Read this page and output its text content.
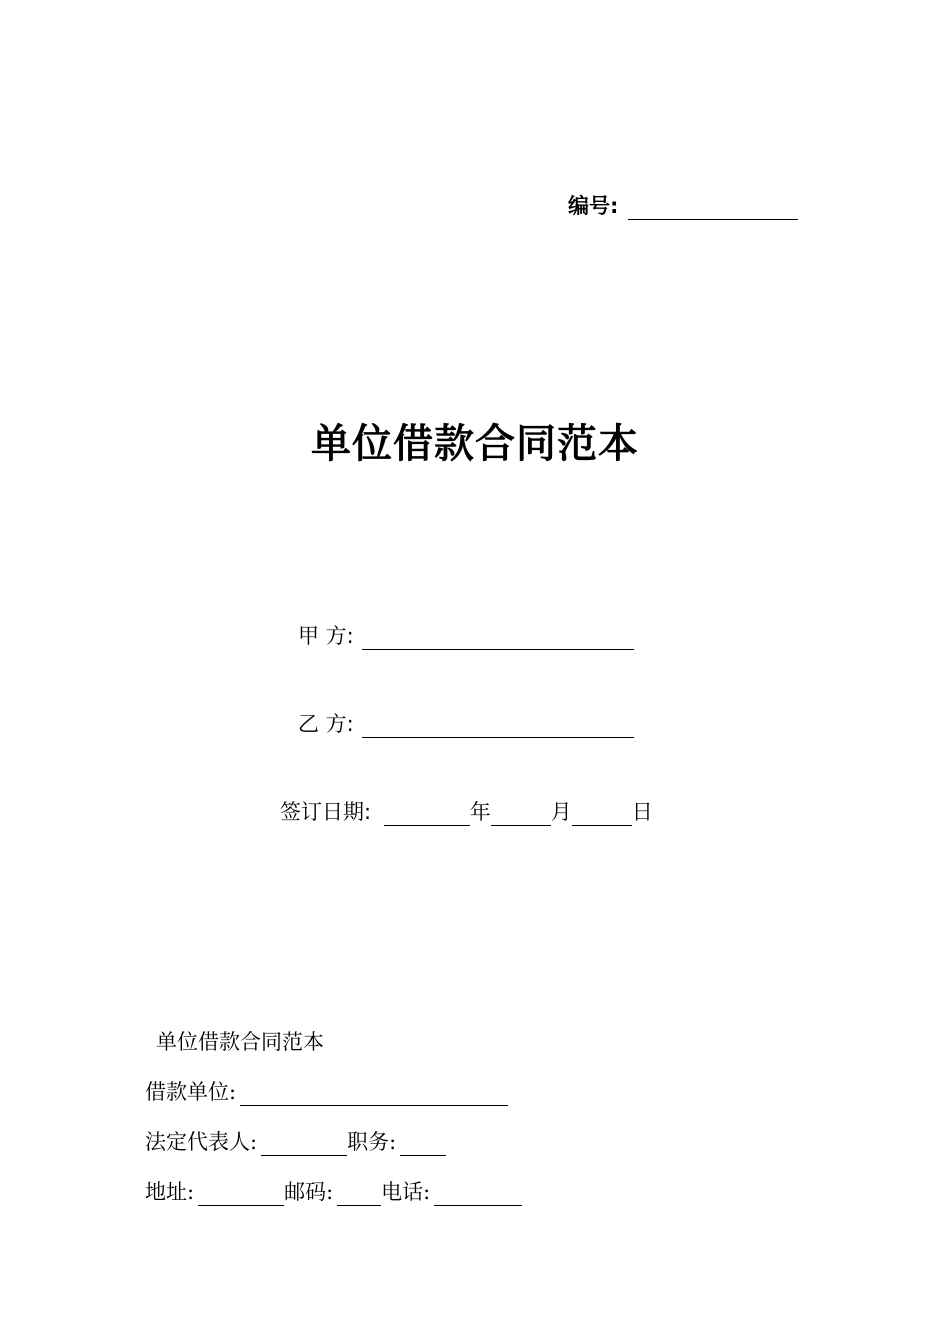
编号:
单位借款合同范本
甲 方:
乙 方:
签订日期:	年	月	日
单位借款合同范本
借款单位:
法定代表人:	职务:
地址:	邮码: 电话:
